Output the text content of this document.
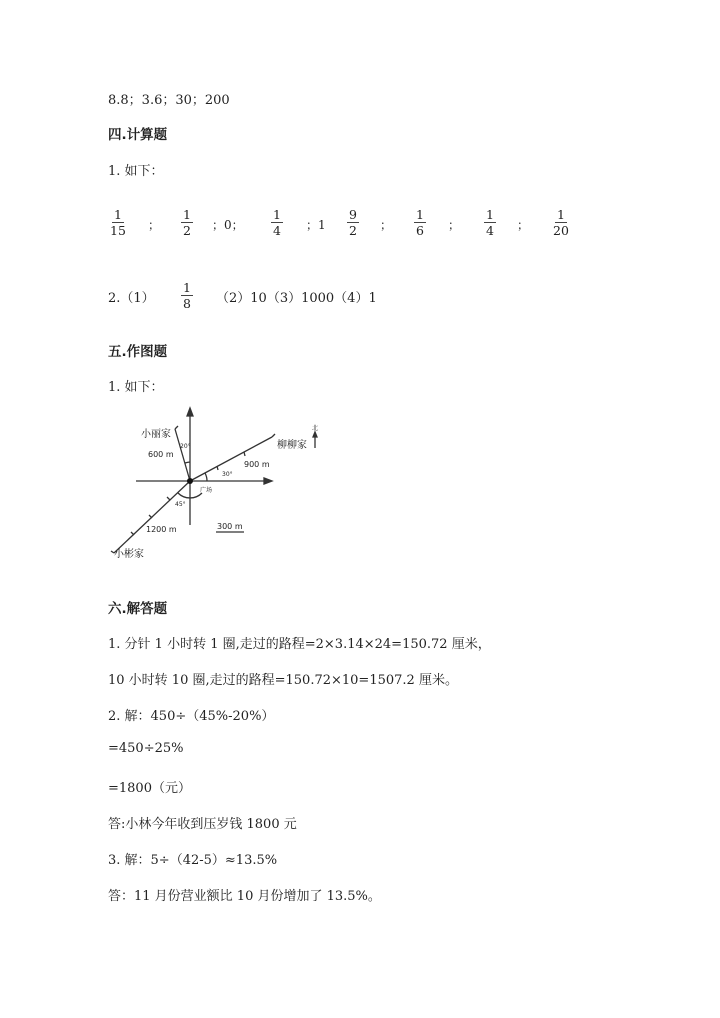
8.8；3.6；30；200
四.计算题
1. 如下：
$\frac{1}{15}$ ； $\frac{1}{2}$ ；0； $\frac{1}{4}$ ；$1 \frac{9}{2}$ ； $\frac{1}{6}$ ； $\frac{1}{4}$ ； $\frac{1}{20}$
$2.(1) \frac{1}{8} (2)10(3)1000(4)1$
五.作图题
1. 如下：
小丽家
柳柳家
小彬家
广场
北
600 m
900 m
1200 m
20°
30°
45°
300 m
六.解答题
1. 分针 1 小时转 1 圈,走过的路程=2×3.14×24=150.72 厘米，
10 小时转 10 圈,走过的路程=150.72×10=1507.2 厘米。
2. 解：450÷（45%-20%）
=450÷25%
=1800（元）
答:小林今年收到压岁钱 1800 元
3. 解：5÷（42-5）≈13.5%
答：11 月份营业额比 10 月份增加了 13.5%。
